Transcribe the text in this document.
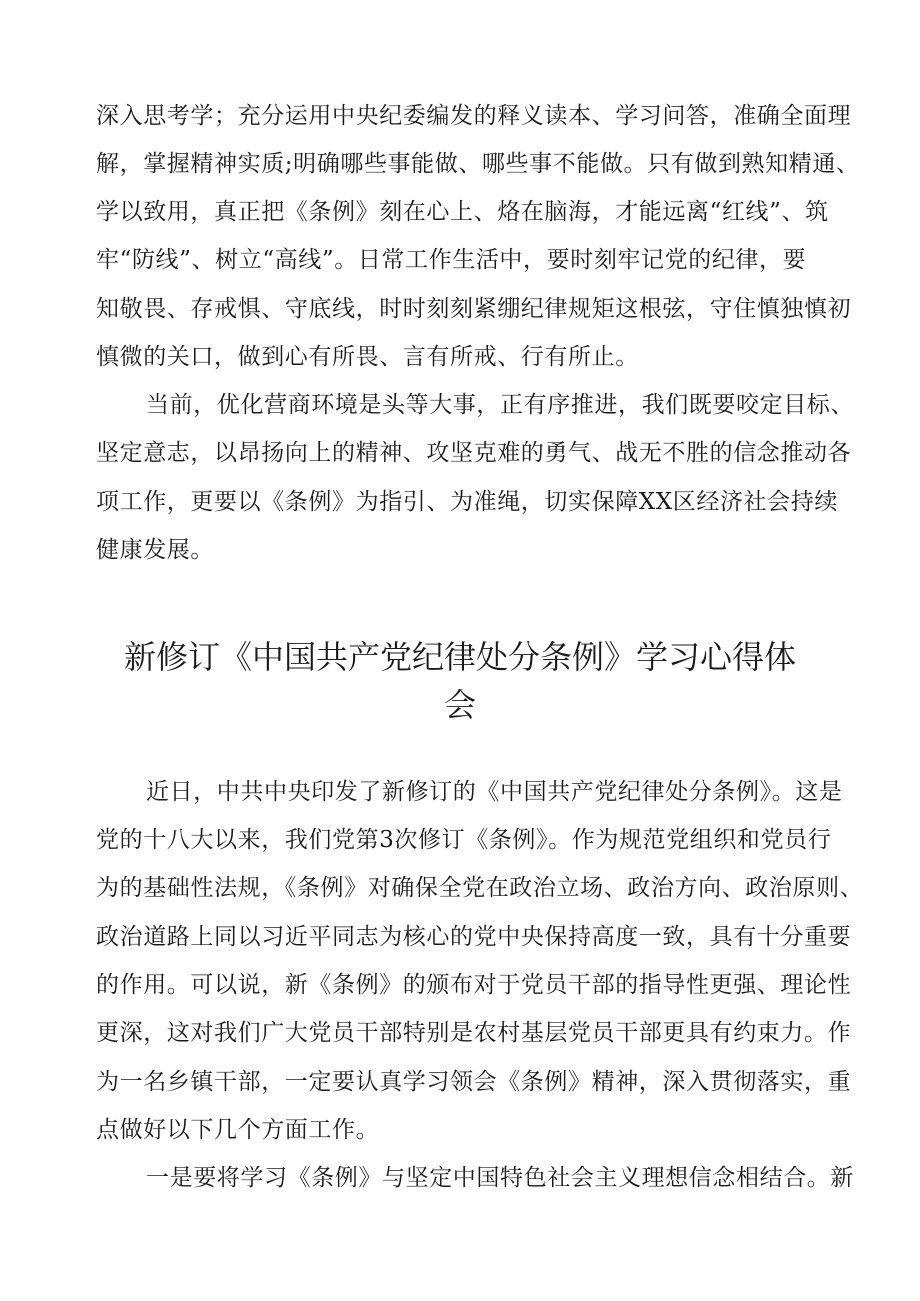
深入思考学；充分运用中央纪委编发的释义读本、学习问答，准确全面理
解，掌握精神实质;明确哪些事能做、哪些事不能做。只有做到熟知精通、
学以致用，真正把《条例》刻在心上、烙在脑海，才能远离“红线”、筑
牢“防线”、树立“高线”。日常工作生活中，要时刻牢记党的纪律，要
知敬畏、存戒惧、守底线，时时刻刻紧绷纪律规矩这根弦，守住慎独慎初
慎微的关口，做到心有所畏、言有所戒、行有所止。
当前，优化营商环境是头等大事，正有序推进，我们既要咬定目标、
坚定意志，以昂扬向上的精神、攻坚克难的勇气、战无不胜的信念推动各
项工作，更要以《条例》为指引、为准绳，切实保障XX区经济社会持续
健康发展。
新修订《中国共产党纪律处分条例》学习心得体
会
近日，中共中央印发了新修订的《中国共产党纪律处分条例》。这是
党的十八大以来，我们党第3次修订《条例》。作为规范党组织和党员行
为的基础性法规，《条例》对确保全党在政治立场、政治方向、政治原则、
政治道路上同以习近平同志为核心的党中央保持高度一致，具有十分重要
的作用。可以说，新《条例》的颁布对于党员干部的指导性更强、理论性
更深，这对我们广大党员干部特别是农村基层党员干部更具有约束力。作
为一名乡镇干部，一定要认真学习领会《条例》精神，深入贯彻落实，重
点做好以下几个方面工作。
一是要将学习《条例》与坚定中国特色社会主义理想信念相结合。新
